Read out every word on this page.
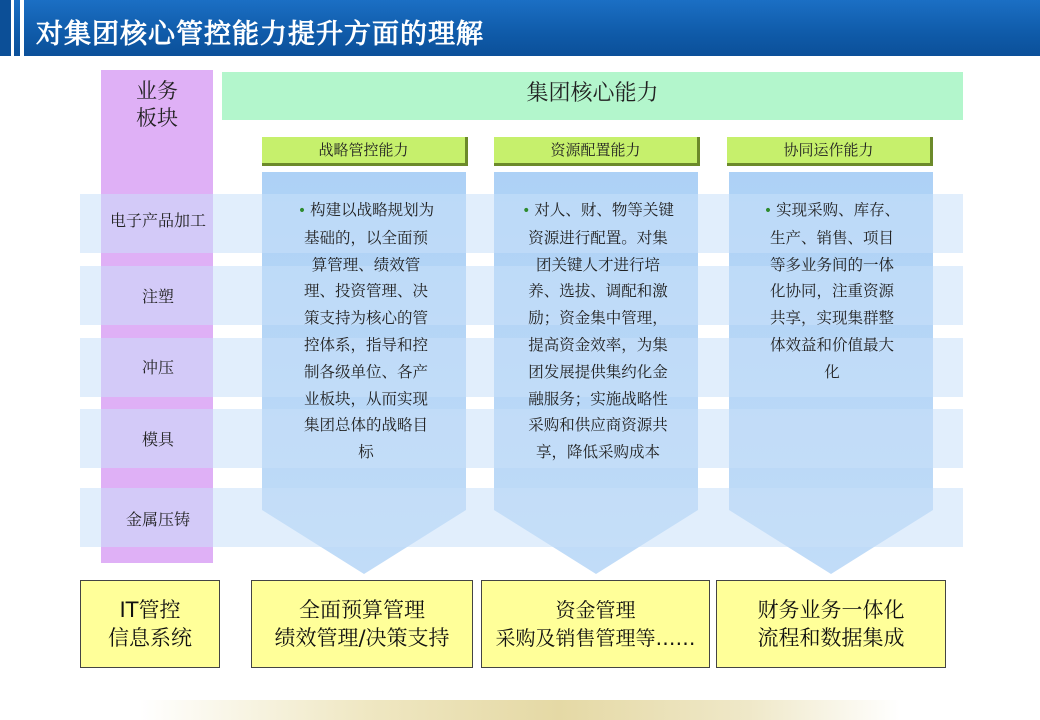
对集团核心管控能力提升方面的理解
业务
板块
集团核心能力
战略管控能力	资源配置能力	协同运作能力
电子产品加工
注塑
冲压
模具
金属压铸
• 构建以战略规划为
基础的，以全面预
算管理、绩效管
理、投资管理、决
策支持为核心的管
控体系，指导和控
制各级单位、各产
业板块，从而实现
集团总体的战略目
标
• 对人、财、物等关键
资源进行配置。对集
团关键人才进行培
养、选拔、调配和激
励；资金集中管理，
提高资金效率，为集
团发展提供集约化金
融服务；实施战略性
采购和供应商资源共
享，降低采购成本
• 实现采购、库存、
生产、销售、项目
等多业务间的一体
化协同，注重资源
共享，实现集群整
体效益和价值最大
化
IT管控
信息系统
全面预算管理
绩效管理/决策支持
资金管理
采购及销售管理等……
财务业务一体化
流程和数据集成
